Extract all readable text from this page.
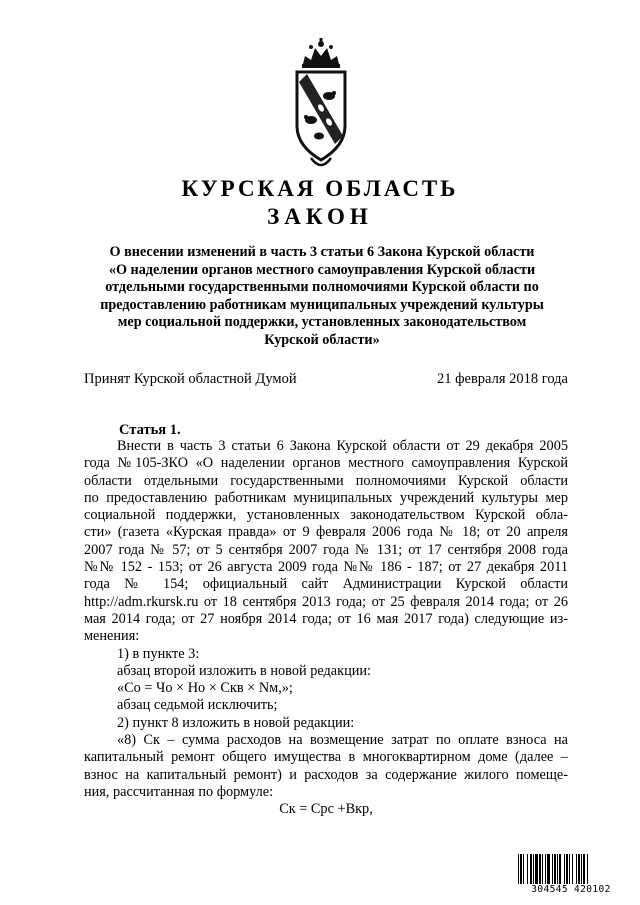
КУРСКАЯ ОБЛАСТЬ
ЗАКОН
О внесении изменений в часть 3 статьи 6 Закона Курской области
«О наделении органов местного самоуправления Курской области
отдельными государственными полномочиями Курской области по
предоставлению работникам муниципальных учреждений культуры
мер социальной поддержки, установленных законодательством
Курской области»
Принят Курской областной Думой	21 февраля 2018 года
Статья 1.
Внести в часть 3 статьи 6 Закона Курской области от 29 декабря 2005
года №105-ЗКО «О наделении органов местного самоуправления Курской
области отдельными государственными полномочиями Курской области
по предоставлению работникам муниципальных учреждений культуры мер
социальной поддержки, установленных законодательством Курской обла-
сти» (газета «Курская правда» от 9 февраля 2006 года № 18; от 20 апреля
2007 года № 57; от 5 сентября 2007 года № 131; от 17 сентября 2008 года
№№ 152 - 153; от 26 августа 2009 года №№ 186 - 187; от 27 декабря 2011
года № 154; официальный сайт Администрации Курской области
http://adm.rkursk.ru от 18 сентября 2013 года; от 25 февраля 2014 года; от 26
мая 2014 года; от 27 ноября 2014 года; от 16 мая 2017 года) следующие из-
менения:
1) в пункте 3:
абзац второй изложить в новой редакции:
«Со = Чо × Но × Скв × Nм,»;
абзац седьмой исключить;
2) пункт 8 изложить в новой редакции:
«8) Ск – сумма расходов на возмещение затрат по оплате взноса на
капитальный ремонт общего имущества в многоквартирном доме (далее –
взнос на капитальный ремонт) и расходов за содержание жилого помеще-
ния, рассчитанная по формуле:
Ск = Срс +Вкр,
304545 420102
